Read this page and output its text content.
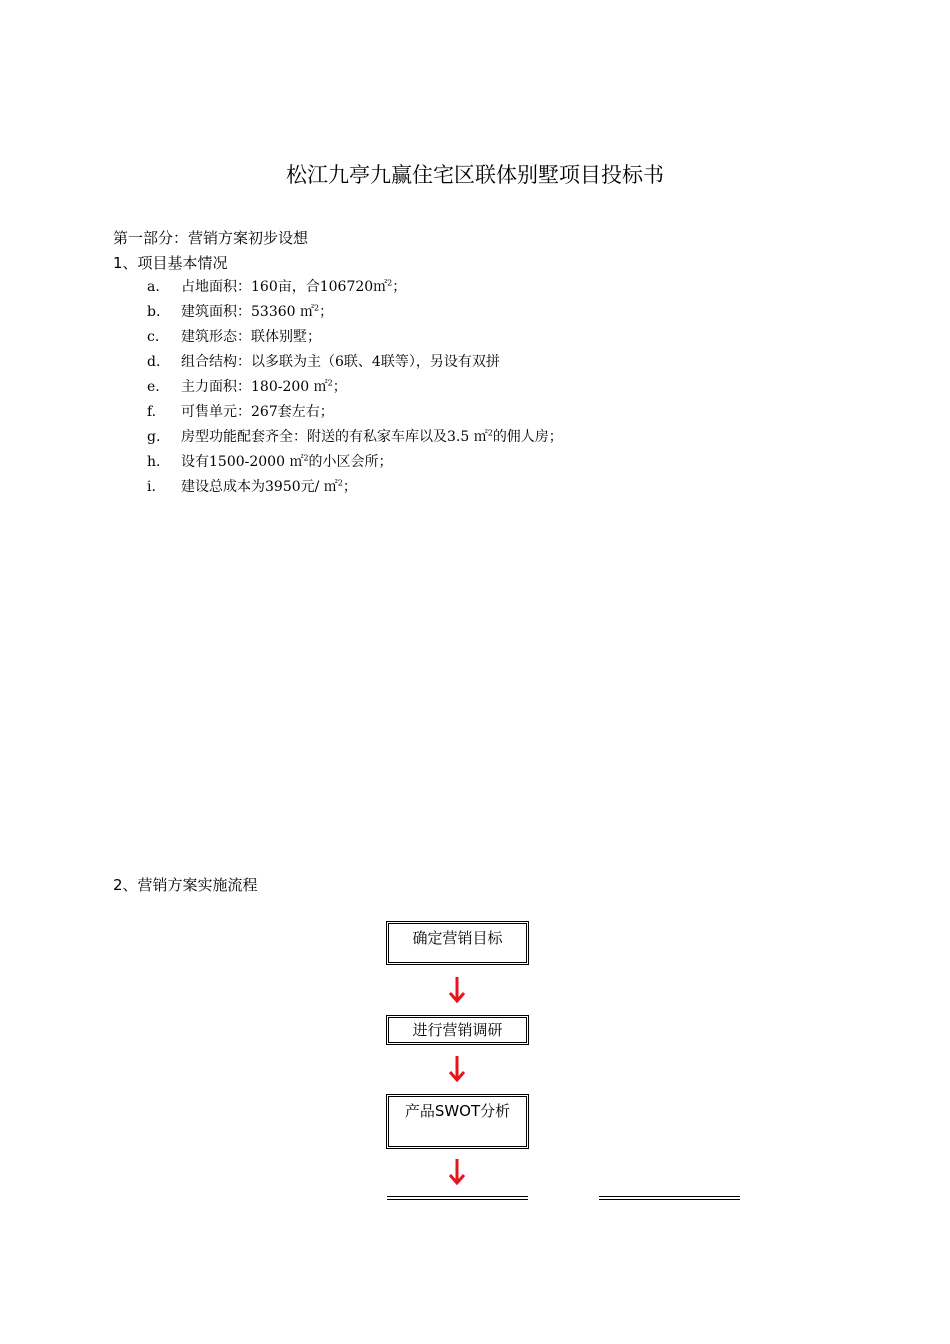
松江九亭九赢住宅区联体别墅项目投标书
第一部分：营销方案初步设想
1、项目基本情况
a. 占地面积：160亩，合106720㎡$^2$；
b. 建筑面积：53360 ㎡$^2$；
c. 建筑形态：联体别墅；
d. 组合结构：以多联为主（6联、4联等），另设有双拼
e. 主力面积：180-200 ㎡$^2$；
f. 可售单元：267套左右；
g. 房型功能配套齐全：附送的有私家车库以及3.5 ㎡$^2$的佣人房；
h. 设有1500-2000 ㎡$^2$的小区会所；
i. 建设总成本为3950元/ ㎡$^2$；
2、营销方案实施流程
确定营销目标
进行营销调研
产品SWOT分析
